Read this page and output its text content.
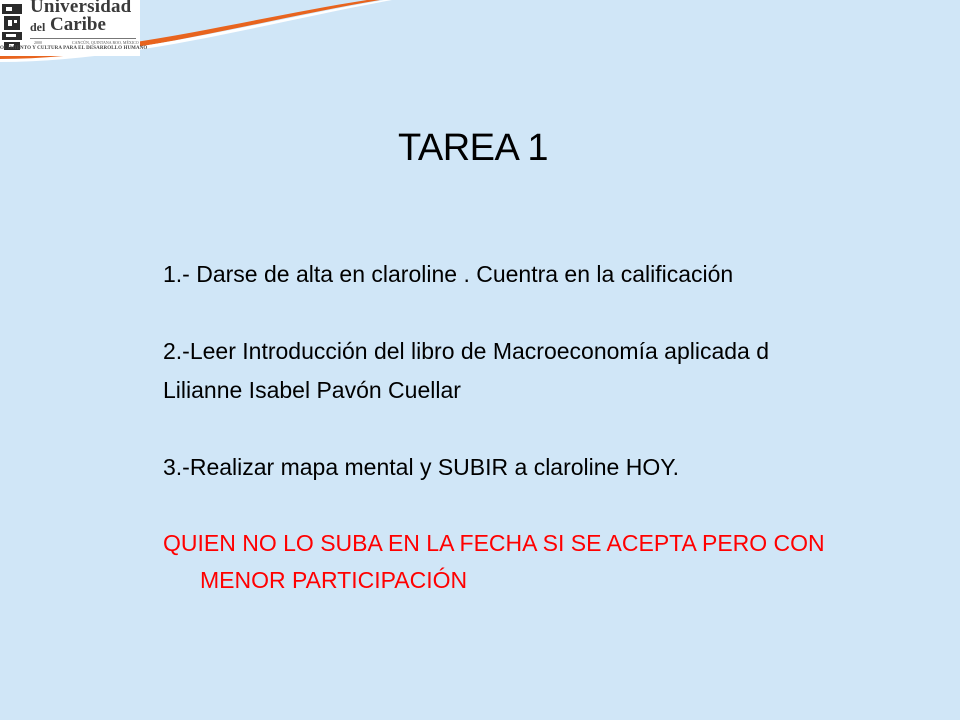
Universidad
del Caribe
2000	CANCÚN, QUINTANA ROO, MÉXICO
OCIMIENTO Y CULTURA PARA EL DESARROLLO HUMANO
TAREA 1
1.- Darse de alta en claroline . Cuentra en la calificación
2.-Leer Introducción del libro de Macroeconomía aplicada d
Lilianne Isabel Pavón Cuellar
3.-Realizar mapa mental y SUBIR a claroline HOY.
QUIEN NO LO SUBA EN LA FECHA SI SE ACEPTA PERO CON
MENOR PARTICIPACIÓN
